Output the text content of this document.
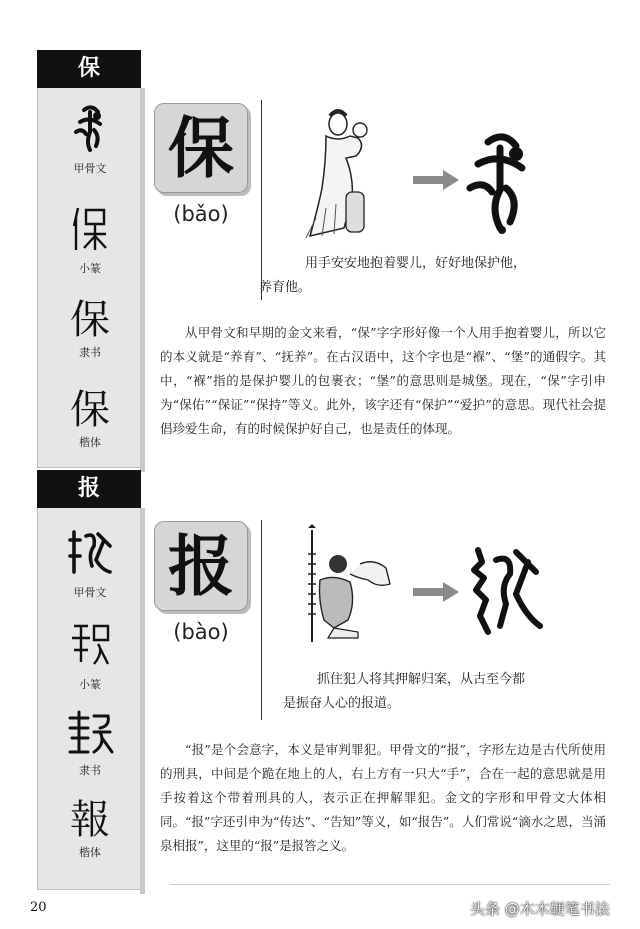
保
甲骨文
小篆
保
隶书
保
楷体
保
(bǎo)
用手安安地抱着婴儿，好好地保护他，
养育他。
从甲骨文和早期的金文来看，“保”字字形好像一个人用手抱着婴儿，所以它的本义就是“养育”、“抚养”。在古汉语中，这个字也是“褓”、“堡”的通假字。其中，“褓”指的是保护婴儿的包裹衣；“堡”的意思则是城堡。现在，“保”字引申为“保佑”“保证”“保持”等义。此外，该字还有“保护”“爱护”的意思。现代社会提倡珍爱生命，有的时候保护好自己，也是责任的体现。
报
甲骨文
小篆
隶书
報
楷体
报
(bào)
抓住犯人将其押解归案，从古至今都
是振奋人心的报道。
“报”是个会意字，本义是审判罪犯。甲骨文的“报”，字形左边是古代所使用的刑具，中间是个跪在地上的人，右上方有一只大“手”，合在一起的意思就是用手按着这个带着刑具的人，表示正在押解罪犯。金文的字形和甲骨文大体相同。“报”字还引申为“传达”、“告知”等义，如“报告”。人们常说“滴水之恩，当涌泉相报”，这里的“报”是报答之义。
20	头条 @木木硬笔书法
